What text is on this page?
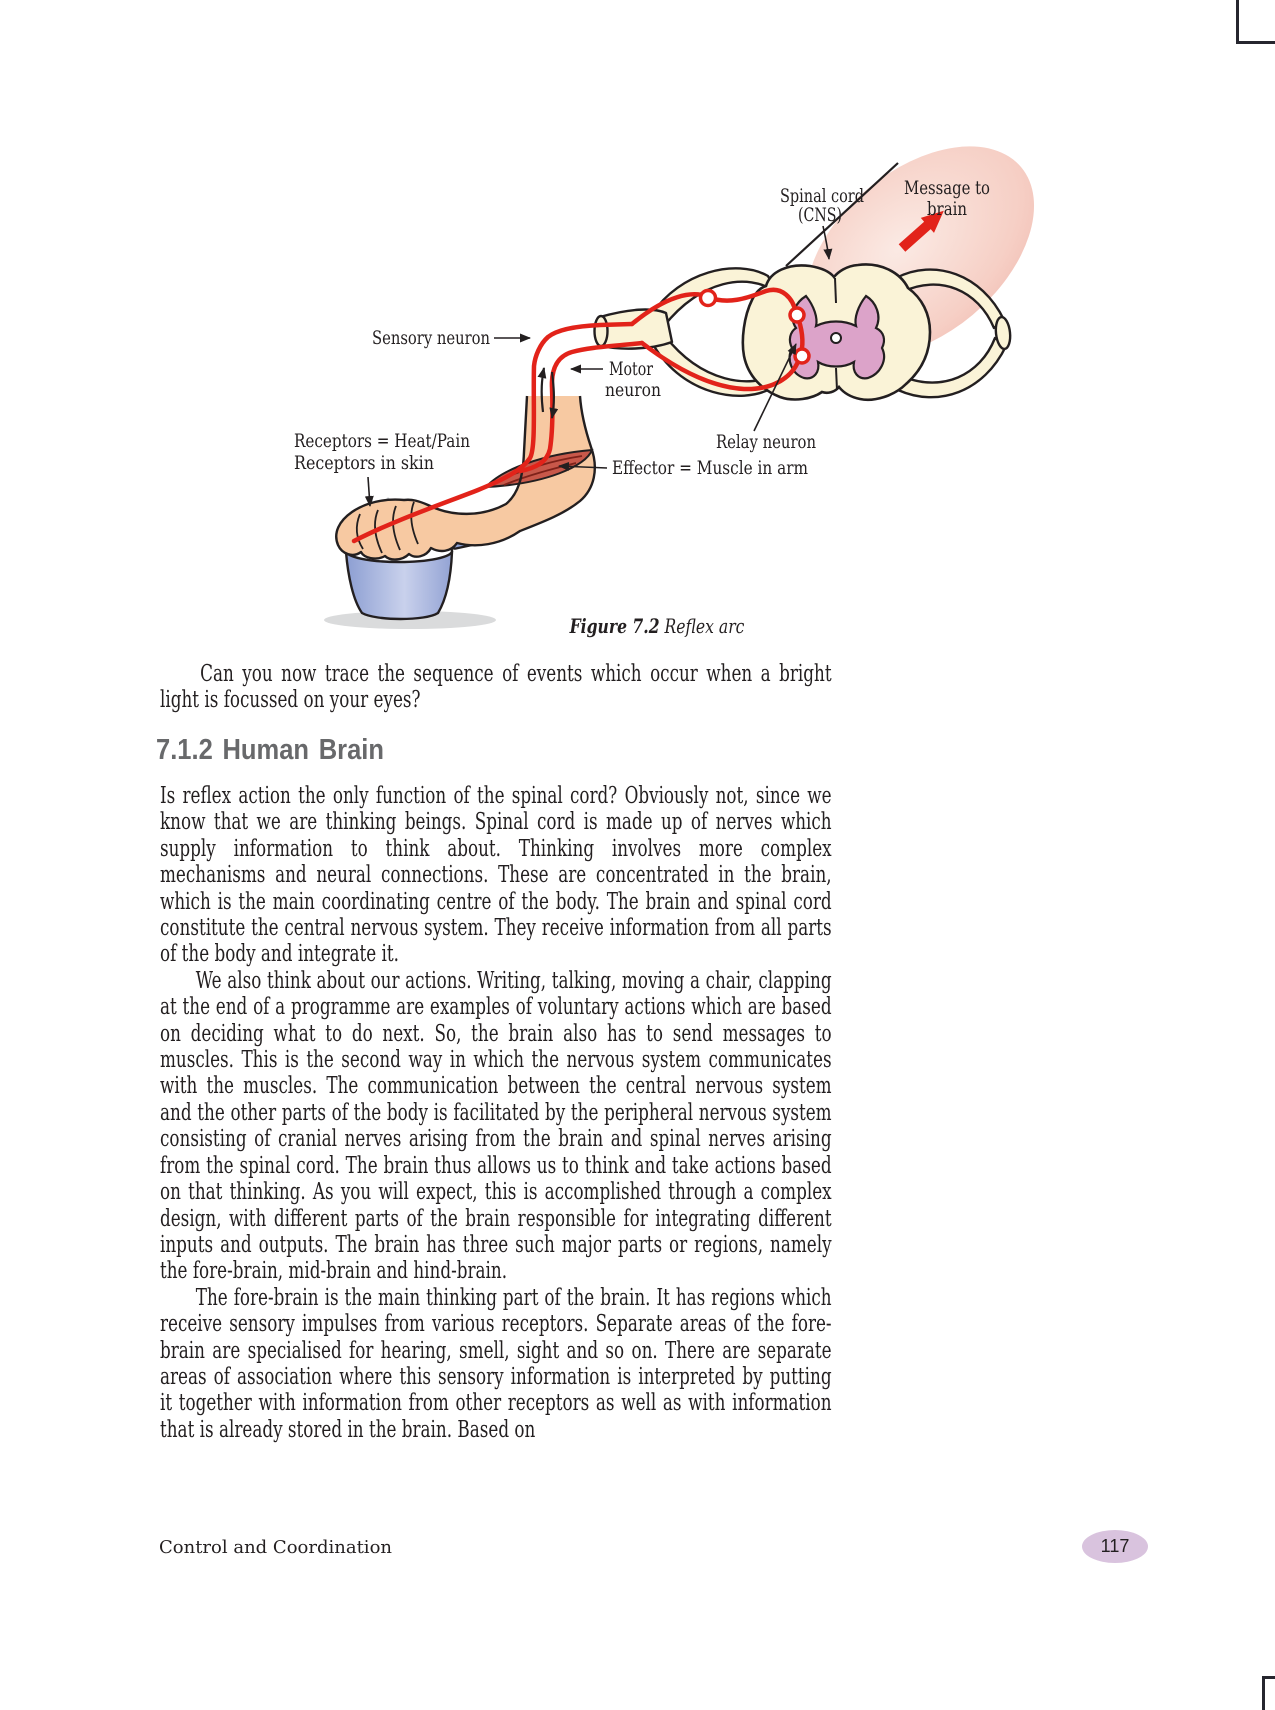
Spinal cord
(CNS)
Message to
brain
Sensory neuron
Motor
neuron
Receptors = Heat/Pain
Receptors in skin
Relay neuron
Effector = Muscle in arm
Figure 7.2 Reflex arc

Can you now trace the sequence of events which occur when a bright light is focussed on your eyes?

7.1.2 Human Brain

Is reflex action the only function of the spinal cord? Obviously not, since we know that we are thinking beings. Spinal cord is made up of nerves which supply information to think about. Thinking involves more complex mechanisms and neural connections. These are concentrated in the brain, which is the main coordinating centre of the body. The brain and spinal cord constitute the central nervous system. They receive information from all parts of the body and integrate it.

We also think about our actions. Writing, talking, moving a chair, clapping at the end of a programme are examples of voluntary actions which are based on deciding what to do next. So, the brain also has to send messages to muscles. This is the second way in which the nervous system communicates with the muscles. The communication between the central nervous system and the other parts of the body is facilitated by the peripheral nervous system consisting of cranial nerves arising from the brain and spinal nerves arising from the spinal cord. The brain thus allows us to think and take actions based on that thinking. As you will expect, this is accomplished through a complex design, with different parts of the brain responsible for integrating different inputs and outputs. The brain has three such major parts or regions, namely the fore-brain, mid-brain and hind-brain.

The fore-brain is the main thinking part of the brain. It has regions which receive sensory impulses from various receptors. Separate areas of the fore-brain are specialised for hearing, smell, sight and so on. There are separate areas of association where this sensory information is interpreted by putting it together with information from other receptors as well as with information that is already stored in the brain. Based on

Control and Coordination	117
